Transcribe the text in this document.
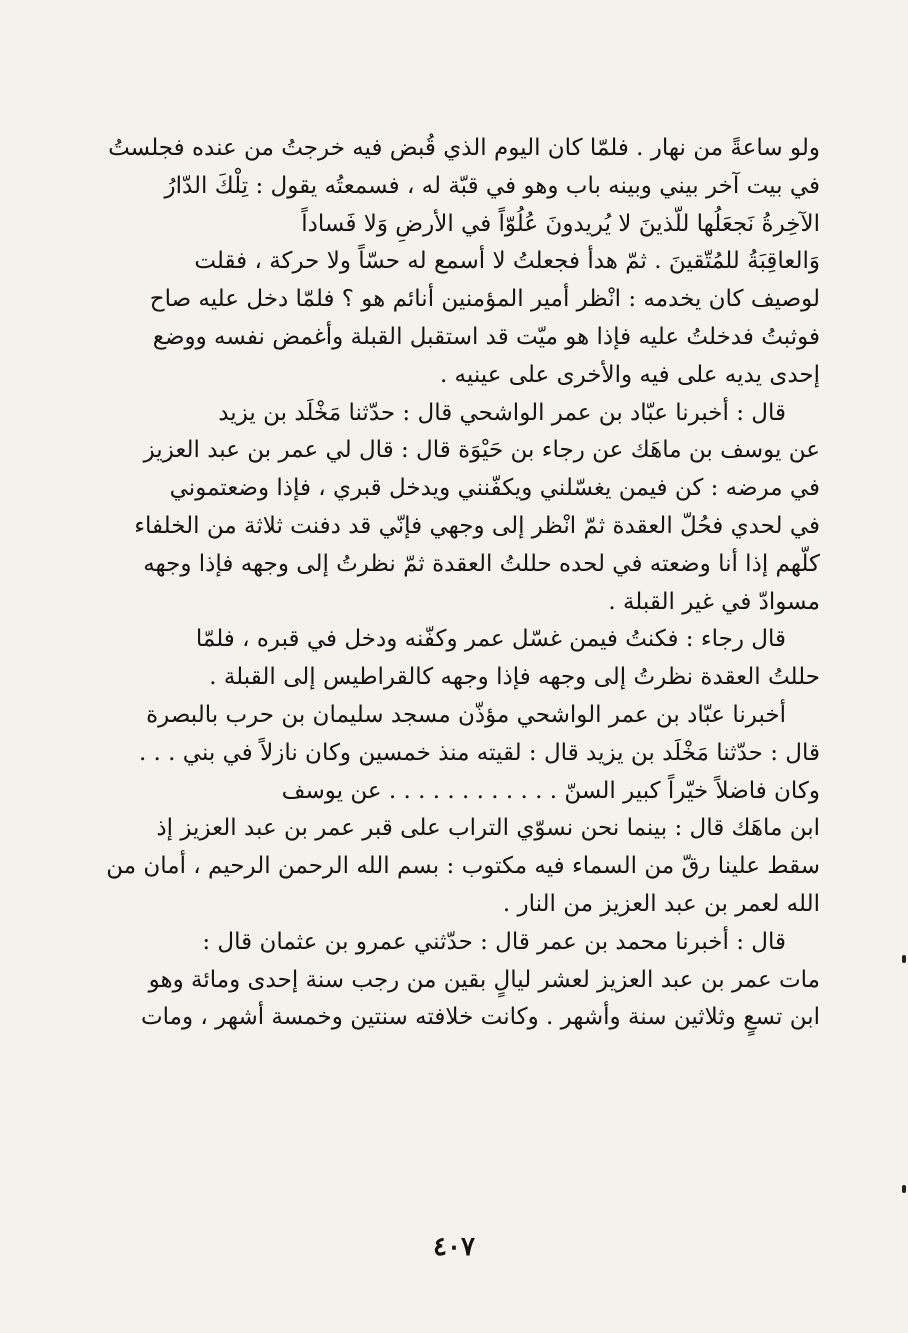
ولو ساعةً من نهار . فلمّا كان اليوم الذي قُبض فيه خرجتُ من عنده فجلستُ
في بيت آخر بيني وبينه باب وهو في قبّة له ، فسمعتُه يقول : تِلْكَ الدّارُ
الآخِرةُ نَجعَلُها للّذينَ لا يُريدونَ عُلُوّاً في الأرضِ وَلا فَساداً
وَالعاقِبَةُ للمُتّقينَ . ثمّ هدأ فجعلتُ لا أسمع له حسّاً ولا حركة ، فقلت
لوصيف كان يخدمه : انْظر أمير المؤمنين أنائم هو ؟ فلمّا دخل عليه صاح
فوثبتُ فدخلتُ عليه فإذا هو ميّت قد استقبل القبلة وأغمض نفسه ووضع
إحدى يديه على فيه والأخرى على عينيه .

قال : أخبرنا عبّاد بن عمر الواشحي قال : حدّثنا مَخْلَد بن يزيد
عن يوسف بن ماهَك عن رجاء بن حَيْوَة قال : قال لي عمر بن عبد العزيز
في مرضه : كن فيمن يغسّلني ويكفّنني ويدخل قبري ، فإذا وضعتموني
في لحدي فحُلّ العقدة ثمّ انْظر إلى وجهي فإنّي قد دفنت ثلاثة من الخلفاء
كلّهم إذا أنا وضعته في لحده حللتُ العقدة ثمّ نظرتُ إلى وجهه فإذا وجهه
مسوادّ في غير القبلة .

قال رجاء : فكنتُ فيمن غسّل عمر وكفّنه ودخل في قبره ، فلمّا
حللتُ العقدة نظرتُ إلى وجهه فإذا وجهه كالقراطيس إلى القبلة .

أخبرنا عبّاد بن عمر الواشحي مؤذّن مسجد سليمان بن حرب بالبصرة
قال : حدّثنا مَخْلَد بن يزيد قال : لقيته منذ خمسين وكان نازلاً في بني . . .
وكان فاضلاً خيّراً كبير السنّ . . . . . . . . . . . . عن يوسف
ابن ماهَك قال : بينما نحن نسوّي التراب على قبر عمر بن عبد العزيز إذ
سقط علينا رقّ من السماء فيه مكتوب : بسم الله الرحمن الرحيم ، أمان من
الله لعمر بن عبد العزيز من النار .

قال : أخبرنا محمد بن عمر قال : حدّثني عمرو بن عثمان قال :
مات عمر بن عبد العزيز لعشر ليالٍ بقين من رجب سنة إحدى ومائة وهو
ابن تسعٍ وثلاثين سنة وأشهر . وكانت خلافته سنتين وخمسة أشهر ، ومات

٤٠٧
